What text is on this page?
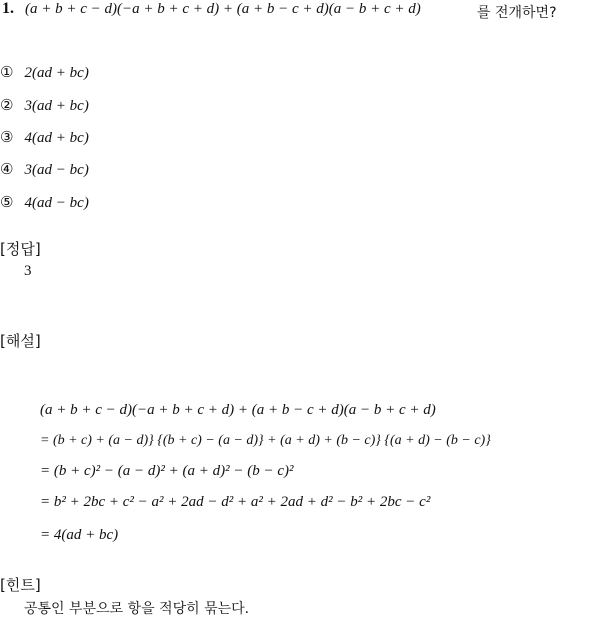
1. (a + b + c − d)(−a + b + c + d) + (a + b − c + d)(a − b + c + d)	를 전개하면?
① 2(ad + bc)
② 3(ad + bc)
③ 4(ad + bc)
④ 3(ad − bc)
⑤ 4(ad − bc)
[정답]
3
[해설]
(a + b + c − d)(−a + b + c + d) + (a + b − c + d)(a − b + c + d)
= (b + c) + (a − d)} {(b + c) − (a − d)} + (a + d) + (b − c)} {(a + d) − (b − c)}
= (b + c)² − (a − d)² + (a + d)² − (b − c)²
= b² + 2bc + c² − a² + 2ad − d² + a² + 2ad + d² − b² + 2bc − c²
= 4(ad + bc)
[힌트]
공통인 부분으로 항을 적당히 묶는다.
